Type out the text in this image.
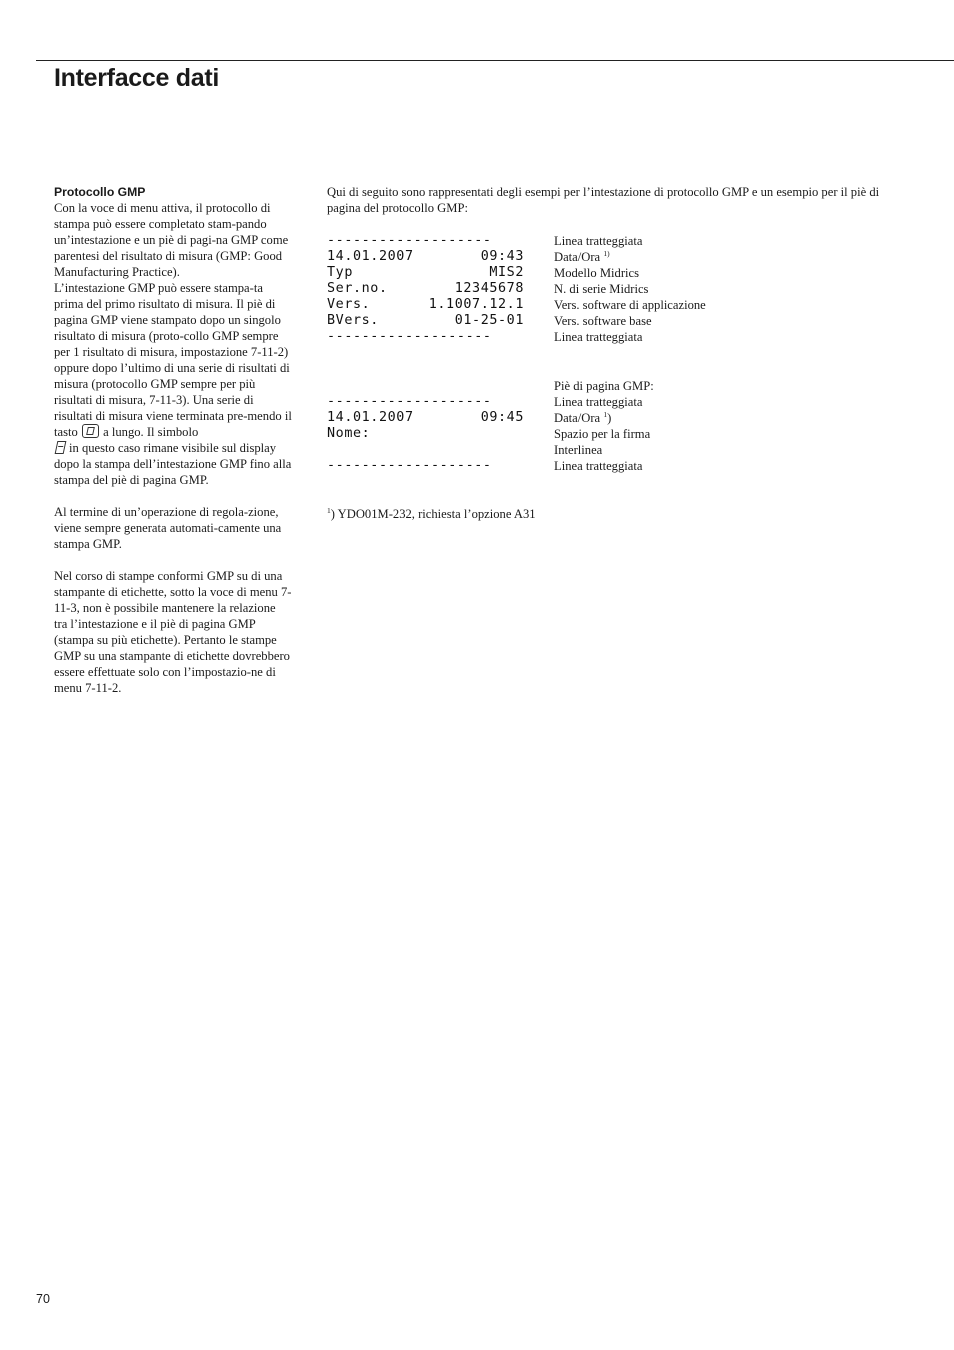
Interfacce dati

Protocollo GMP

Con la voce di menu attiva, il protocollo di stampa può essere completato stam-pando un’intestazione e un piè di pagi-na GMP come parentesi del risultato di misura (GMP: Good Manufacturing Practice).

L’intestazione GMP può essere stampa-ta prima del primo risultato di misura. Il piè di pagina GMP viene stampato dopo un singolo risultato di misura (proto-collo GMP sempre per 1 risultato di misura, impostazione 7-11-2) oppure dopo l’ultimo di una serie di risultati di misura (protocollo GMP sempre per più risultati di misura, 7-11-3). Una serie di risultati di misura viene terminata pre-mendo il tasto a lungo. Il simbolo
in questo caso rimane visibile sul display dopo la stampa dell’intestazione GMP fino alla stampa del piè di pagina GMP.

Al termine di un’operazione di regola-zione, viene sempre generata automati-camente una stampa GMP.

Nel corso di stampe conformi GMP su di una stampante di etichette, sotto la voce di menu 7-11-3, non è possibile mantenere la relazione tra l’intestazione e il piè di pagina GMP (stampa su più etichette). Pertanto le stampe GMP su una stampante di etichette dovrebbero essere effettuate solo con l’impostazio-ne di menu 7-11-2.

Qui di seguito sono rappresentati degli esempi per l’intestazione di protocollo GMP e un esempio per il piè di pagina del protocollo GMP:
-------------------	Linea tratteggiata
14.01.2007	09:43 Data/Ora $^{1)}$
Typ	MIS2 Modello Midrics
Ser.no.	12345678 N. di serie Midrics
Vers.	1.1007.12.1 Vers. software di applicazione
BVers.	01-25-01 Vers. software base
-------------------	Linea tratteggiata
Piè di pagina GMP:
-------------------	Linea tratteggiata
14.01.2007	09:45 Data/Ora $^1$)
Nome:	Spazio per la firma
Interlinea
-------------------	Linea tratteggiata
$^1$) YDO01M-232, richiesta l’opzione A31
70
